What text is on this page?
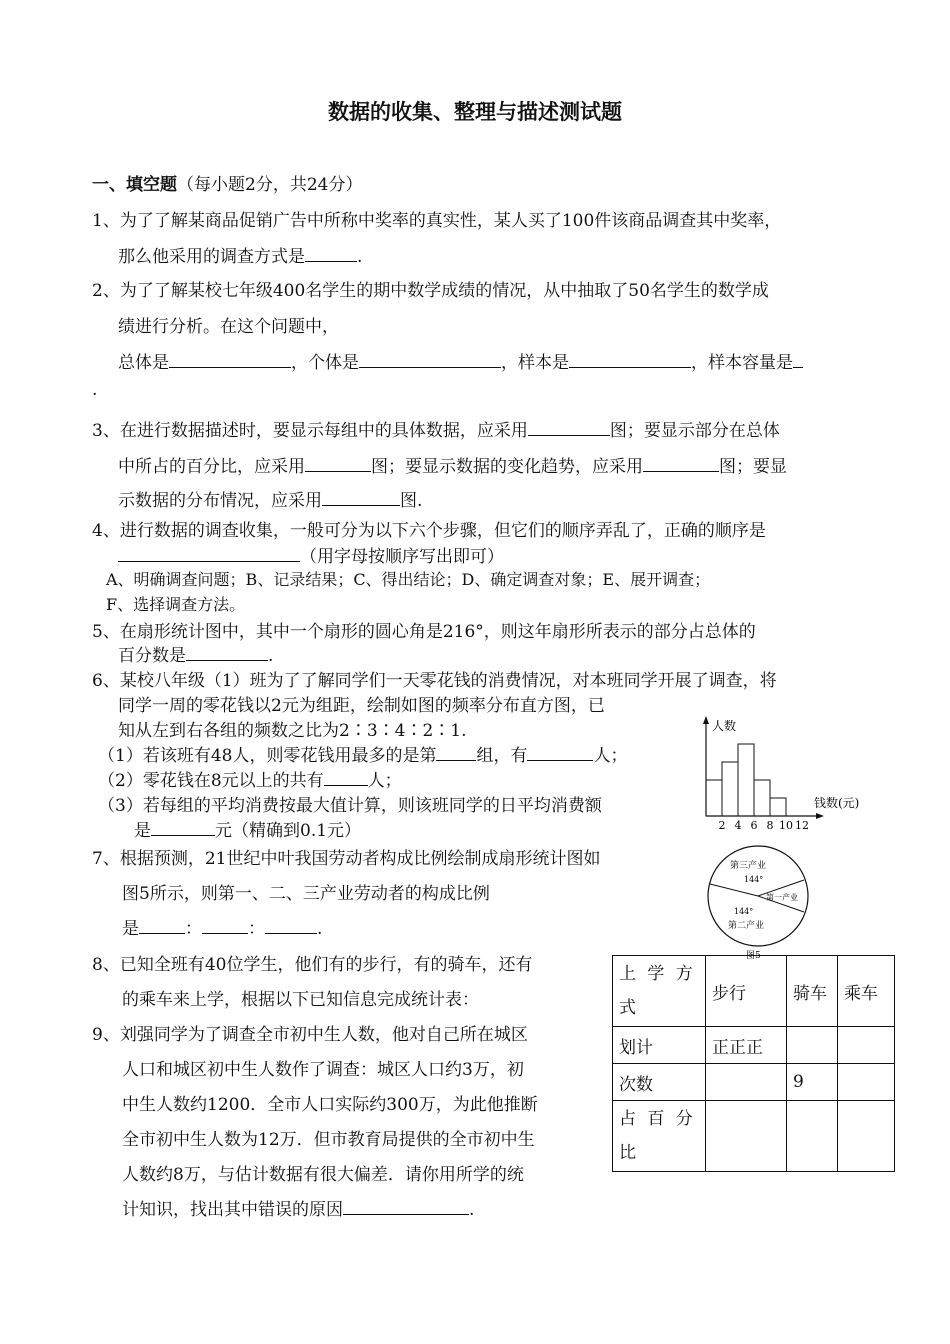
数据的收集、整理与描述测试题
一、填空题（每小题2分，共24分）
1、为了了解某商品促销广告中所称中奖率的真实性，某人买了100件该商品调查其中奖率，
那么他采用的调查方式是	.
2、为了了解某校七年级400名学生的期中数学成绩的情况，从中抽取了50名学生的数学成
绩进行分析。在这个问题中，
总体是	，个体是	，样本是	，样本容量是
.
3、在进行数据描述时，要显示每组中的具体数据，应采用	图；要显示部分在总体
中所占的百分比，应采用	图；要显示数据的变化趋势，应采用	图；要显
示数据的分布情况，应采用	图.
4、进行数据的调查收集，一般可分为以下六个步骤，但它们的顺序弄乱了，正确的顺序是
（用字母按顺序写出即可）
A、明确调查问题；B、记录结果；C、得出结论；D、确定调查对象；E、展开调查；
F、选择调查方法。
5、在扇形统计图中，其中一个扇形的圆心角是216°，则这年扇形所表示的部分占总体的
百分数是	.
6、某校八年级（1）班为了了解同学们一天零花钱的消费情况，对本班同学开展了调查，将
同学一周的零花钱以2元为组距，绘制如图的频率分布直方图，已
知从左到右各组的频数之比为2∶3∶4∶2∶1.
（1）若该班有48人，则零花钱用最多的是第 组，有	人；
（2）零花钱在8元以上的共有	人；
（3）若每组的平均消费按最大值计算，则该班同学的日平均消费额
是	元（精确到0.1元）
人数
钱数(元)
2 4 6 8 10 12
7、根据预测，21世纪中叶我国劳动者构成比例绘制成扇形统计图如
图5所示，则第一、二、三产业劳动者的构成比例
是	：	：	.
第三产业
144°
第一产业
144°
第二产业
图5
8、已知全班有40位学生，他们有的步行，有的骑车，还有
的乘车来上学，根据以下已知信息完成统计表：
9、刘强同学为了调查全市初中生人数，他对自己所在城区
人口和城区初中生人数作了调查：城区人口约3万，初
中生人数约1200．全市人口实际约300万，为此他推断
全市初中生人数为12万．但市教育局提供的全市初中生
人数约8万，与估计数据有很大偏差．请你用所学的统
计知识，找出其中错误的原因	.
上 学 方 式	步行	骑车	乘车
划计	正正正		
次数		9	
占 百 分 比			
